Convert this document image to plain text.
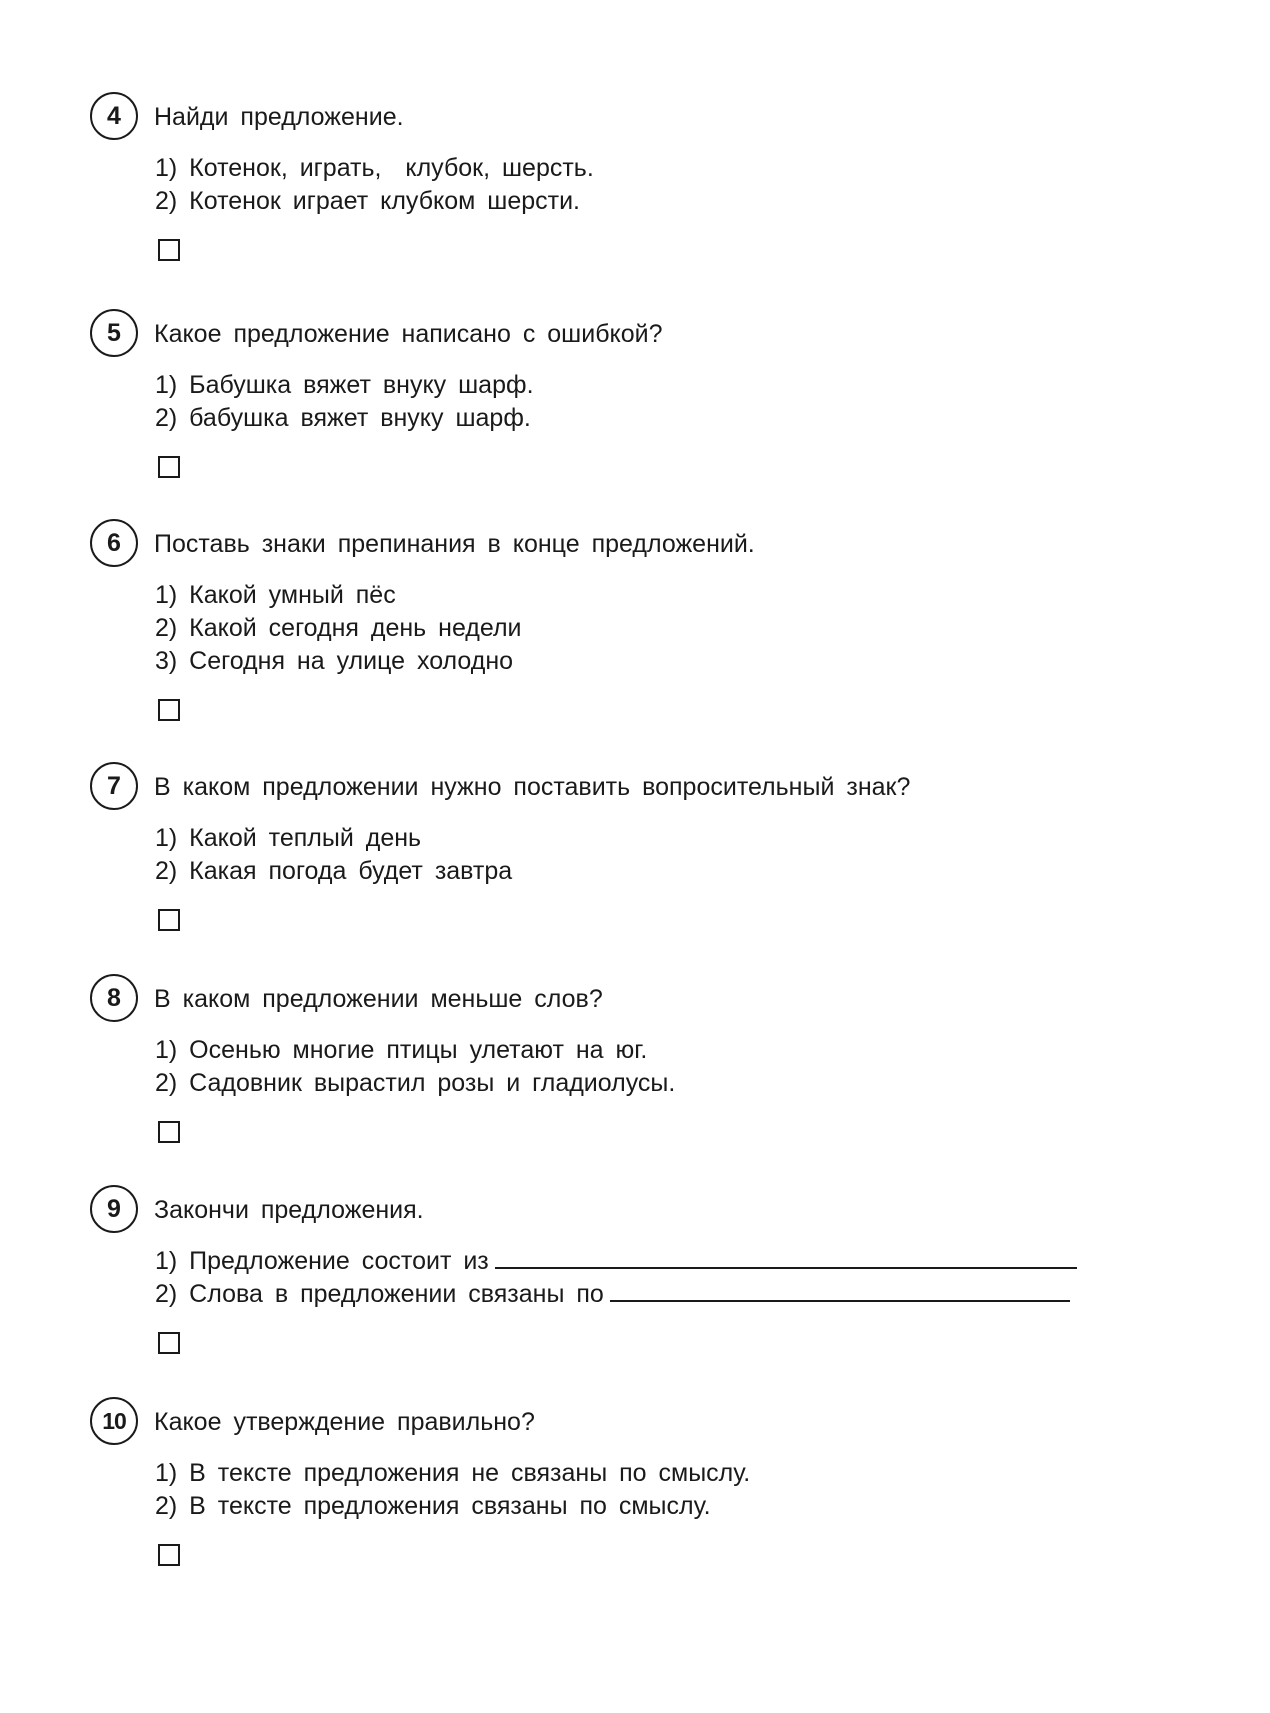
4	Найди предложение.
1) Котенок, играть,  клубок, шерсть.
2) Котенок играет клубком шерсти.
5	Какое предложение написано с ошибкой?
1) Бабушка вяжет внуку шарф.
2) бабушка вяжет внуку шарф.
6	Поставь знаки препинания в конце предложений.
1) Какой умный пёс
2) Какой сегодня день недели
3) Сегодня на улице холодно
7	В каком предложении нужно поставить вопросительный знак?
1) Какой теплый день
2) Какая погода будет завтра
8	В каком предложении меньше слов?
1) Осенью многие птицы улетают на юг.
2) Садовник вырастил розы и гладиолусы.
9	Закончи предложения.
1) Предложение состоит из
2) Слова в предложении связаны по
10	Какое утверждение правильно?
1) В тексте предложения не связаны по смыслу.
2) В тексте предложения связаны по смыслу.
